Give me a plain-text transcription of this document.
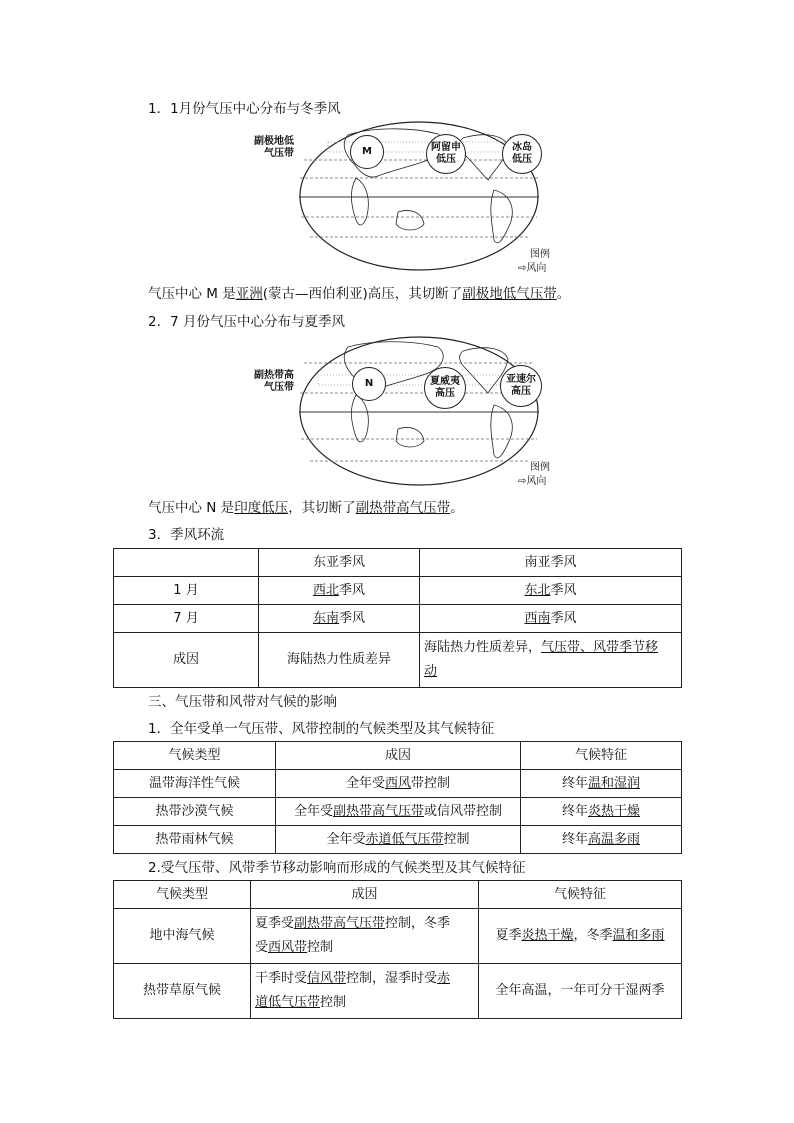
1．1月份气压中心分布与冬季风
M	阿留申
低压
冰岛
低压
副极地低
气压带
图例
⇨风向
气压中心 M 是亚洲(蒙古—西伯利亚)高压，其切断了副极地低气压带。
2．7 月份气压中心分布与夏季风
N	夏威夷
高压
亚速尔
高压
副热带高
气压带
图例
⇨风向
气压中心 N 是印度低压，其切断了副热带高气压带。
3．季风环流
	东亚季风	南亚季风
1 月	西北季风	东北季风
7 月	东南季风	西南季风
成因	海陆热力性质差异	海陆热力性质差异，气压带、风带季节移
动
三、气压带和风带对气候的影响
1．全年受单一气压带、风带控制的气候类型及其气候特征
气候类型	成因	气候特征
温带海洋性气候	全年受西风带控制	终年温和湿润
热带沙漠气候	全年受副热带高气压带或信风带控制	终年炎热干燥
热带雨林气候	全年受赤道低气压带控制	终年高温多雨
2.受气压带、风带季节移动影响而形成的气候类型及其气候特征
气候类型	成因	气候特征
地中海气候	夏季受副热带高气压带控制，冬季
受西风带控制	夏季炎热干燥，冬季温和多雨
热带草原气候	干季时受信风带控制，湿季时受赤
道低气压带控制	全年高温，一年可分干湿两季
